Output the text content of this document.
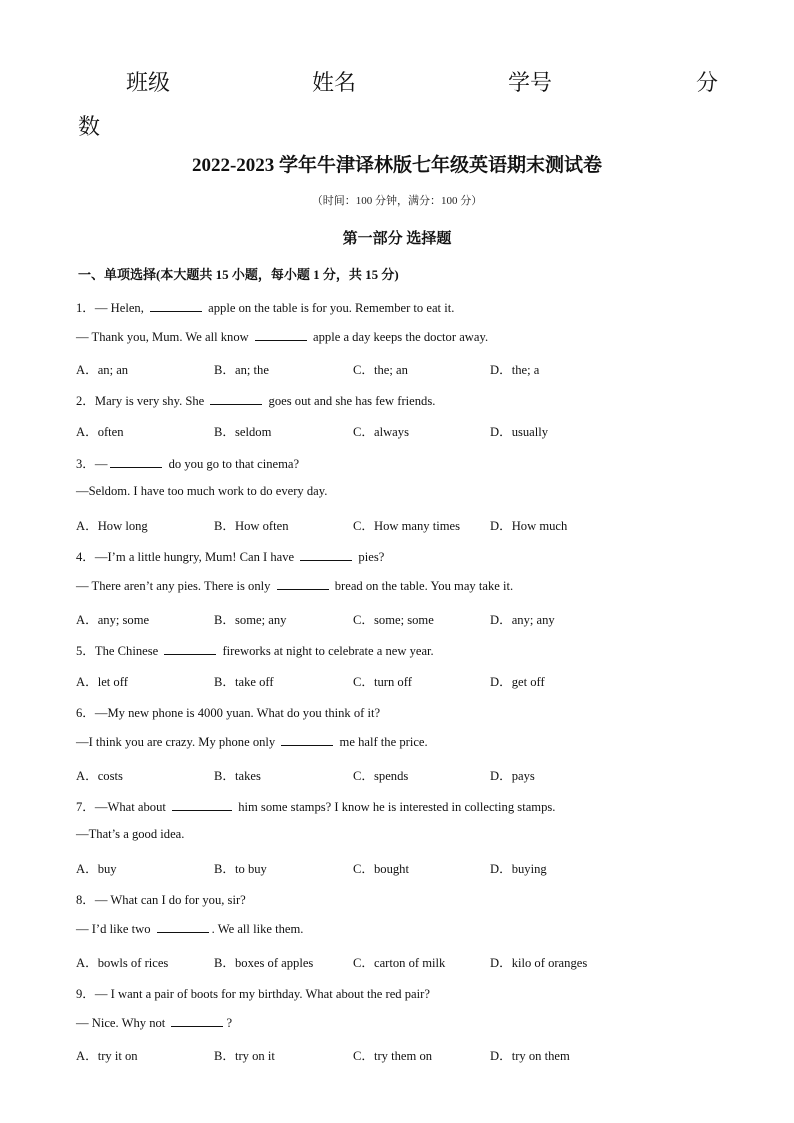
班级	姓名	学号	分
数
2022-2023 学年牛津译林版七年级英语期末测试卷
（时间：100 分钟，满分：100 分）
第一部分 选择题
一、单项选择(本大题共 15 小题，每小题 1 分，共 15 分)
1．— Helen,	apple on the table is for you. Remember to eat it.
— Thank you, Mum. We all know	apple a day keeps the doctor away.
A．an; an	B．an; the	C．the; an	D．the; a
2．Mary is very shy. She	goes out and she has few friends.
A．often	B．seldom	C．always	D．usually
3．—	do you go to that cinema?
—Seldom. I have too much work to do every day.
A．How long	B．How often	C．How many times D．How much
4．—I’m a little hungry, Mum! Can I have	pies?
— There aren’t any pies. There is only	bread on the table. You may take it.
A．any; some	B．some; any	C．some; some	D．any; any
5．The Chinese	fireworks at night to celebrate a new year.
A．let off	B．take off	C．turn off	D．get off
6．—My new phone is 4000 yuan. What do you think of it?
—I think you are crazy. My phone only	me half the price.
A．costs	B．takes	C．spends	D．pays
7．—What about	him some stamps? I know he is interested in collecting stamps.
—That’s a good idea.
A．buy	B．to buy	C．bought	D．buying
8．— What can I do for you, sir?
— I’d like two	. We all like them.
A．bowls of rices	B．boxes of apples	C．carton of milk	D．kilo of oranges
9．— I want a pair of boots for my birthday. What about the red pair?
— Nice. Why not	?
A．try it on	B．try on it	C．try them on	D．try on them
